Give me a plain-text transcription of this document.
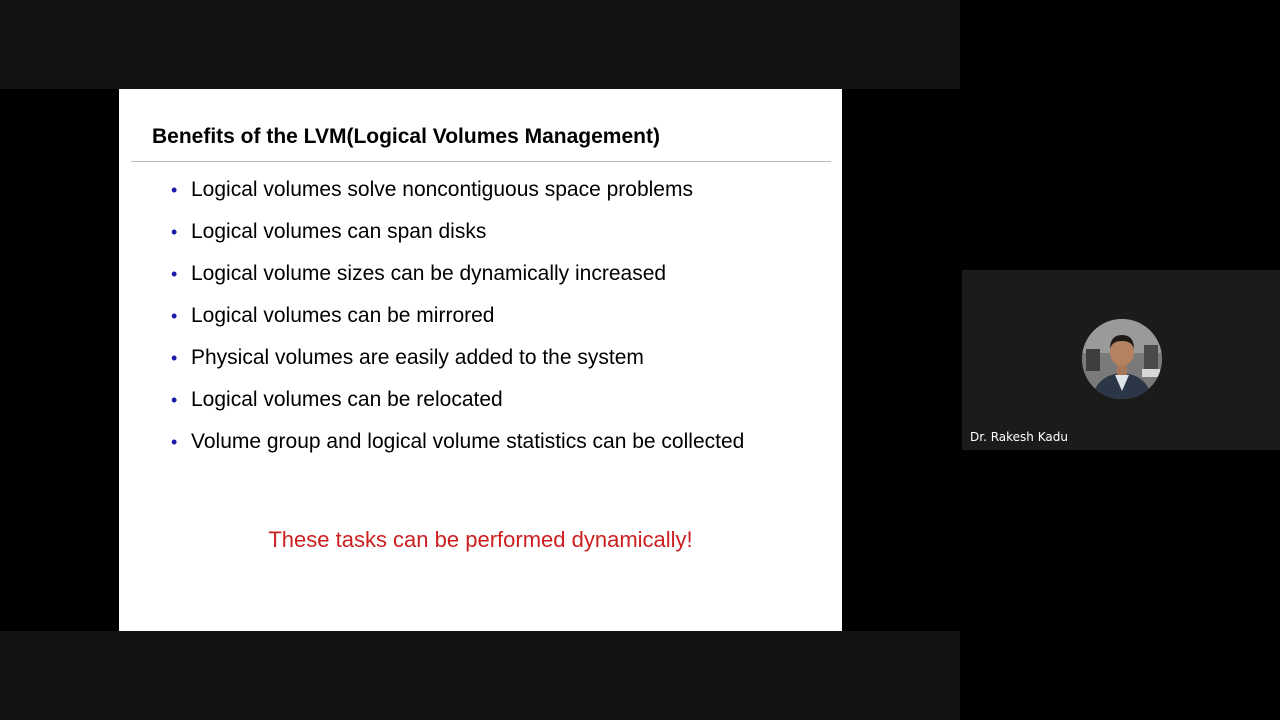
Benefits of the LVM(Logical Volumes Management)
• Logical volumes solve noncontiguous space problems
• Logical volumes can span disks
• Logical volume sizes can be dynamically increased
• Logical volumes can be mirrored
• Physical volumes are easily added to the system
• Logical volumes can be relocated
• Volume group and logical volume statistics can be collected
These tasks can be performed dynamically!
Dr. Rakesh Kadu
